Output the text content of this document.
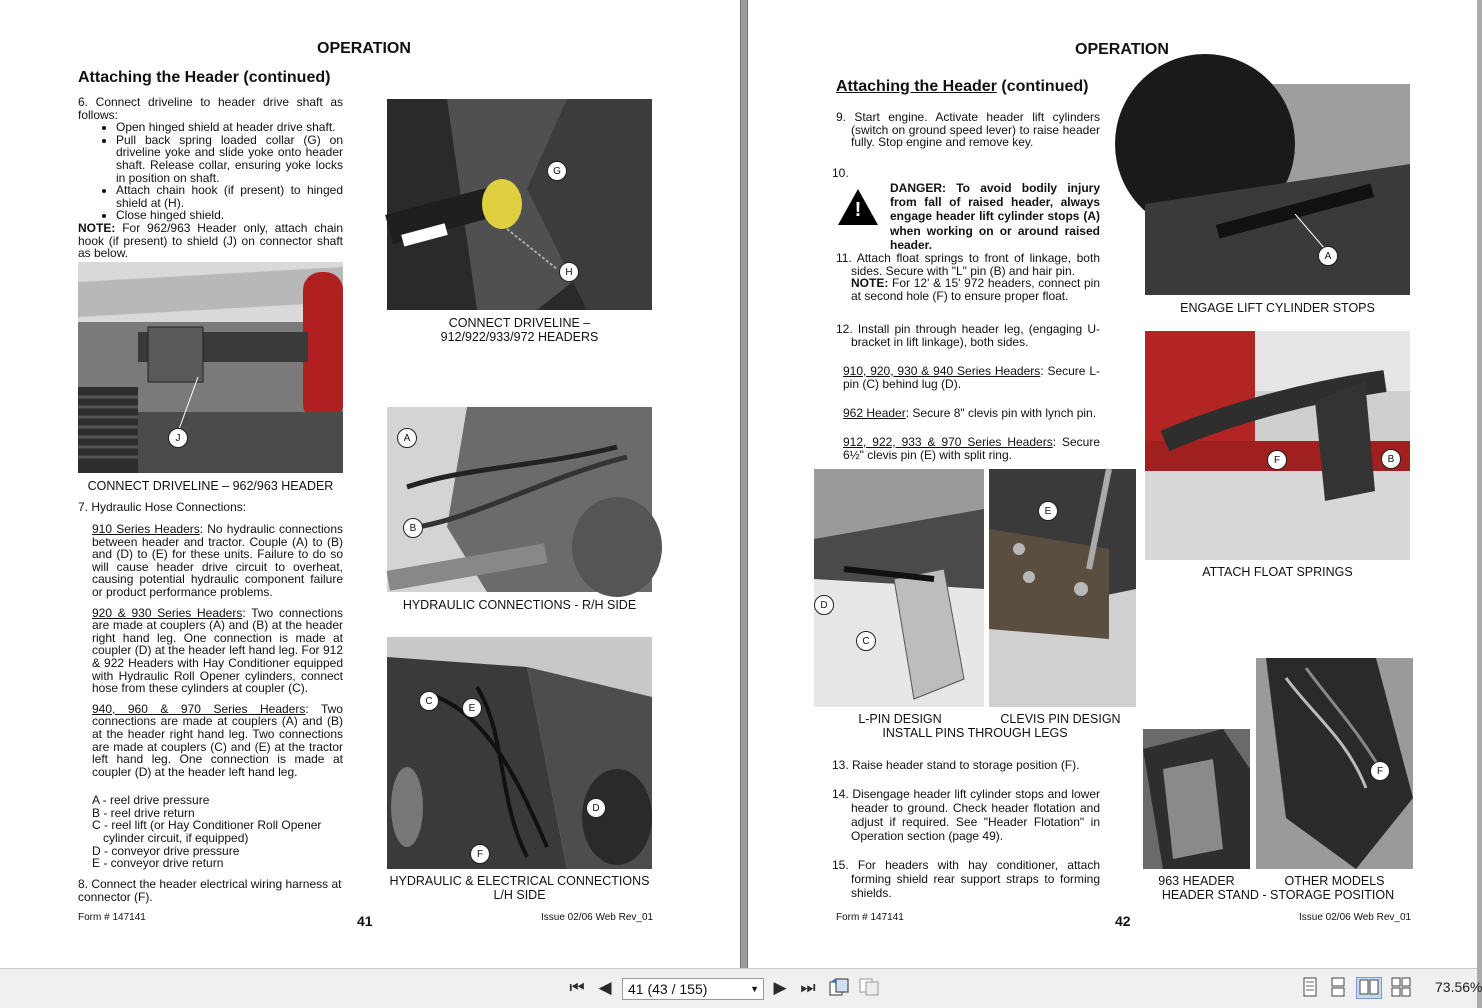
OPERATION
Attaching the Header (continued)
6. Connect driveline to header drive shaft as follows:
• Open hinged shield at header drive shaft.
• Pull back spring loaded collar (G) on driveline yoke and slide yoke onto header shaft. Release collar, ensuring yoke locks in position on shaft.
• Attach chain hook (if present) to hinged shield at (H).
• Close hinged shield.
NOTE: For 962/963 Header only, attach chain hook (if present) to shield (J) on connector shaft as below.
J
CONNECT DRIVELINE – 962/963 HEADER
7. Hydraulic Hose Connections:

910 Series Headers: No hydraulic connections between header and tractor. Couple (A) to (B) and (D) to (E) for these units. Failure to do so will cause header drive circuit to overheat, causing potential hydraulic component failure or product performance problems.

920 & 930 Series Headers: Two connections are made at couplers (A) and (B) at the header right hand leg. One connection is made at coupler (D) at the header left hand leg. For 912 & 922 Headers with Hay Conditioner equipped with Hydraulic Roll Opener cylinders, connect hose from these cylinders at coupler (C).

940, 960 & 970 Series Headers: Two connections are made at couplers (A) and (B) at the header right hand leg. Two connections are made at couplers (C) and (E) at the tractor left hand leg. One connection is made at coupler (D) at the header left hand leg.

A - reel drive pressure
B - reel drive return
C - reel lift (or Hay Conditioner Roll Opener cylinder circuit, if equipped)
D - conveyor drive pressure
E - conveyor drive return
8. Connect the header electrical wiring harness at connector (F).
G
H
CONNECT DRIVELINE –
912/922/933/972 HEADERS
A
B
HYDRAULIC CONNECTIONS - R/H SIDE
C
E
D
F
HYDRAULIC & ELECTRICAL CONNECTIONS
L/H SIDE
Form # 147141	41	Issue 02/06 Web Rev_01
OPERATION
Attaching the Header (continued)
9. Start engine. Activate header lift cylinders (switch on ground speed lever) to raise header fully. Stop engine and remove key.
10.
!
DANGER: To avoid bodily injury from fall of raised header, always engage header lift cylinder stops (A) when working on or around raised header.
11. Attach float springs to front of linkage, both sides. Secure with "L" pin (B) and hair pin.
NOTE: For 12' & 15' 972 headers, connect pin at second hole (F) to ensure proper float.
12. Install pin through header leg, (engaging U-bracket in lift linkage), both sides.
910, 920, 930 & 940 Series Headers: Secure L-pin (C) behind lug (D).
962 Header: Secure 8" clevis pin with lynch pin.
912, 922, 933 & 970 Series Headers: Secure 6½" clevis pin (E) with split ring.
D
C
E
L-PIN DESIGN	CLEVIS PIN DESIGN
INSTALL PINS THROUGH LEGS
13. Raise header stand to storage position (F).
14. Disengage header lift cylinder stops and lower header to ground. Check header flotation and adjust if required. See "Header Flotation" in Operation section (page 49).
15. For headers with hay conditioner, attach forming shield rear support straps to forming shields.
A
ENGAGE LIFT CYLINDER STOPS
F	B
ATTACH FLOAT SPRINGS
F
963 HEADER	OTHER MODELS
HEADER STAND - STORAGE POSITION
Form # 147141	42	Issue 02/06 Web Rev_01
⏮ ◀	41 (43 / 155)	▼ ▶ ⏭	73.56%
